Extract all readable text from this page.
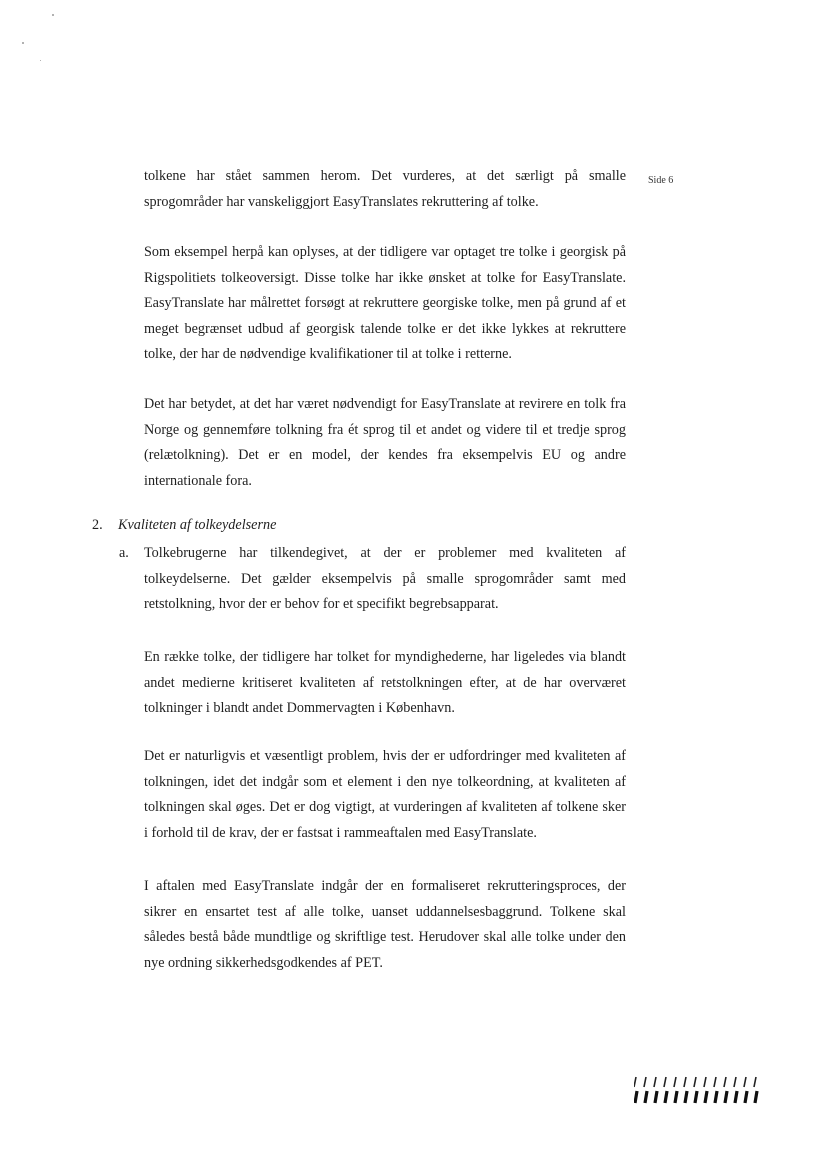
Side 6

tolkene har stået sammen herom. Det vurderes, at det særligt på smalle sprogområder har vanskeliggjort EasyTranslates rekruttering af tolke.

Som eksempel herpå kan oplyses, at der tidligere var optaget tre tolke i georgisk på Rigspolitiets tolkeoversigt. Disse tolke har ikke ønsket at tolke for EasyTranslate. EasyTranslate har målrettet forsøgt at rekruttere georgiske tolke, men på grund af et meget begrænset udbud af georgisk talende tolke er det ikke lykkes at rekruttere tolke, der har de nødvendige kvalifikationer til at tolke i retterne.

Det har betydet, at det har været nødvendigt for EasyTranslate at revirere en tolk fra Norge og gennemføre tolkning fra ét sprog til et andet og videre til et tredje sprog (relætolkning). Det er en model, der kendes fra eksempelvis EU og andre internationale fora.

2. Kvaliteten af tolkeydelserne
a. Tolkebrugerne har tilkendegivet, at der er problemer med kvaliteten af tolkeydelserne. Det gælder eksempelvis på smalle sprogområder samt med retstolkning, hvor der er behov for et specifikt begrebsapparat.

En række tolke, der tidligere har tolket for myndighederne, har ligeledes via blandt andet medierne kritiseret kvaliteten af retstolkningen efter, at de har overværet tolkninger i blandt andet Dommervagten i København.

Det er naturligvis et væsentligt problem, hvis der er udfordringer med kvaliteten af tolkningen, idet det indgår som et element i den nye tolkeordning, at kvaliteten af tolkningen skal øges. Det er dog vigtigt, at vurderingen af kvaliteten af tolkene sker i forhold til de krav, der er fastsat i rammeaftalen med EasyTranslate.

I aftalen med EasyTranslate indgår der en formaliseret rekrutteringsproces, der sikrer en ensartet test af alle tolke, uanset uddannelsesbaggrund. Tolkene skal således bestå både mundtlige og skriftlige test. Herudover skal alle tolke under den nye ordning sikkerhedsgodkendes af PET.
